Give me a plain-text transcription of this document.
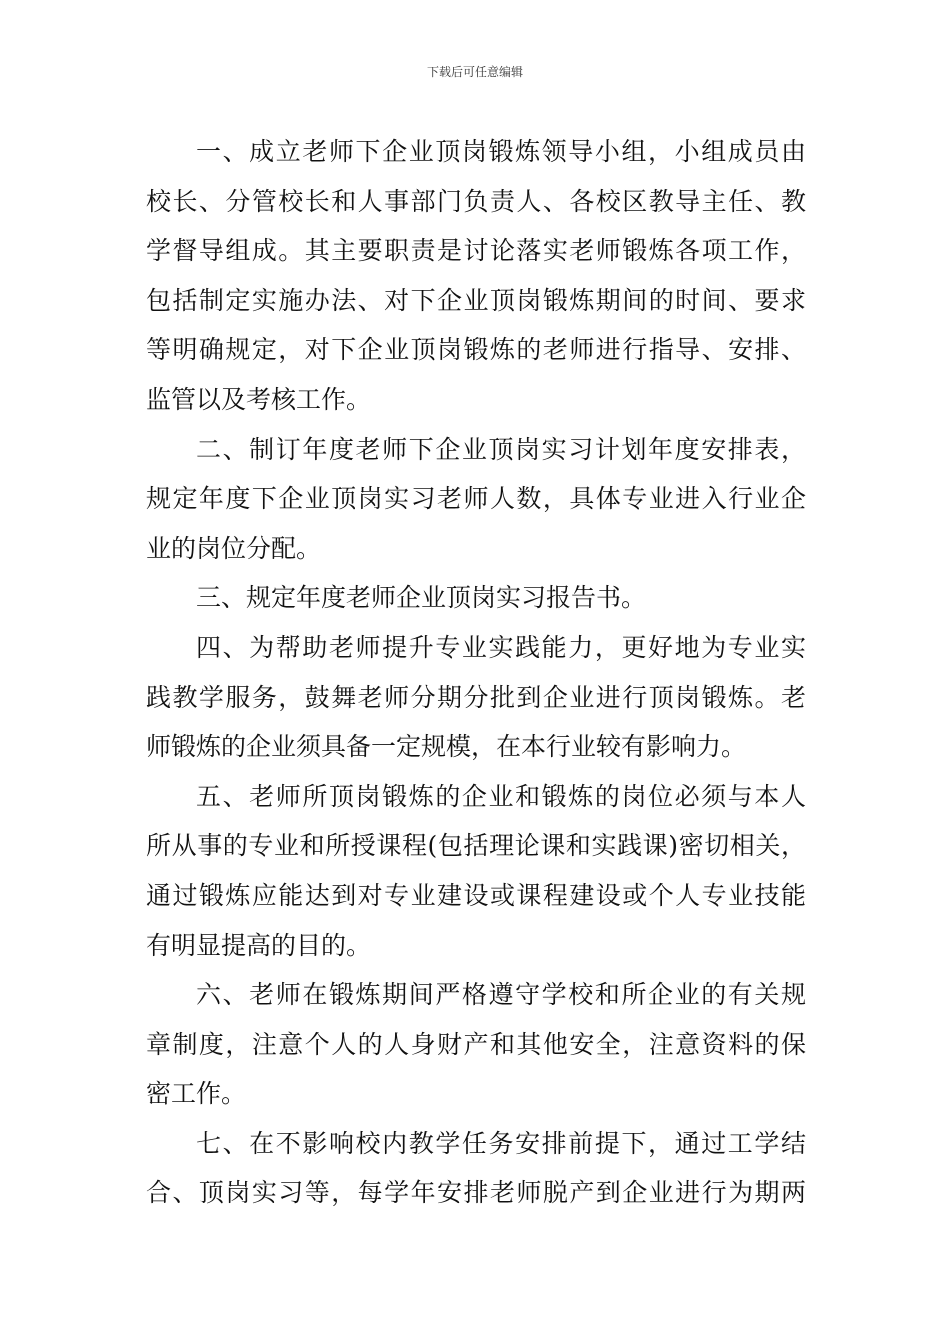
下载后可任意编辑
一、成立老师下企业顶岗锻炼领导小组，小组成员由
校长、分管校长和人事部门负责人、各校区教导主任、教
学督导组成。其主要职责是讨论落实老师锻炼各项工作，
包括制定实施办法、对下企业顶岗锻炼期间的时间、要求
等明确规定，对下企业顶岗锻炼的老师进行指导、安排、
监管以及考核工作。
二、制订年度老师下企业顶岗实习计划年度安排表，
规定年度下企业顶岗实习老师人数，具体专业进入行业企
业的岗位分配。
三、规定年度老师企业顶岗实习报告书。
四、为帮助老师提升专业实践能力，更好地为专业实
践教学服务，鼓舞老师分期分批到企业进行顶岗锻炼。老
师锻炼的企业须具备一定规模，在本行业较有影响力。
五、老师所顶岗锻炼的企业和锻炼的岗位必须与本人
所从事的专业和所授课程(包括理论课和实践课)密切相关，
通过锻炼应能达到对专业建设或课程建设或个人专业技能
有明显提高的目的。
六、老师在锻炼期间严格遵守学校和所企业的有关规
章制度，注意个人的人身财产和其他安全，注意资料的保
密工作。
七、在不影响校内教学任务安排前提下，通过工学结
合、顶岗实习等，每学年安排老师脱产到企业进行为期两
